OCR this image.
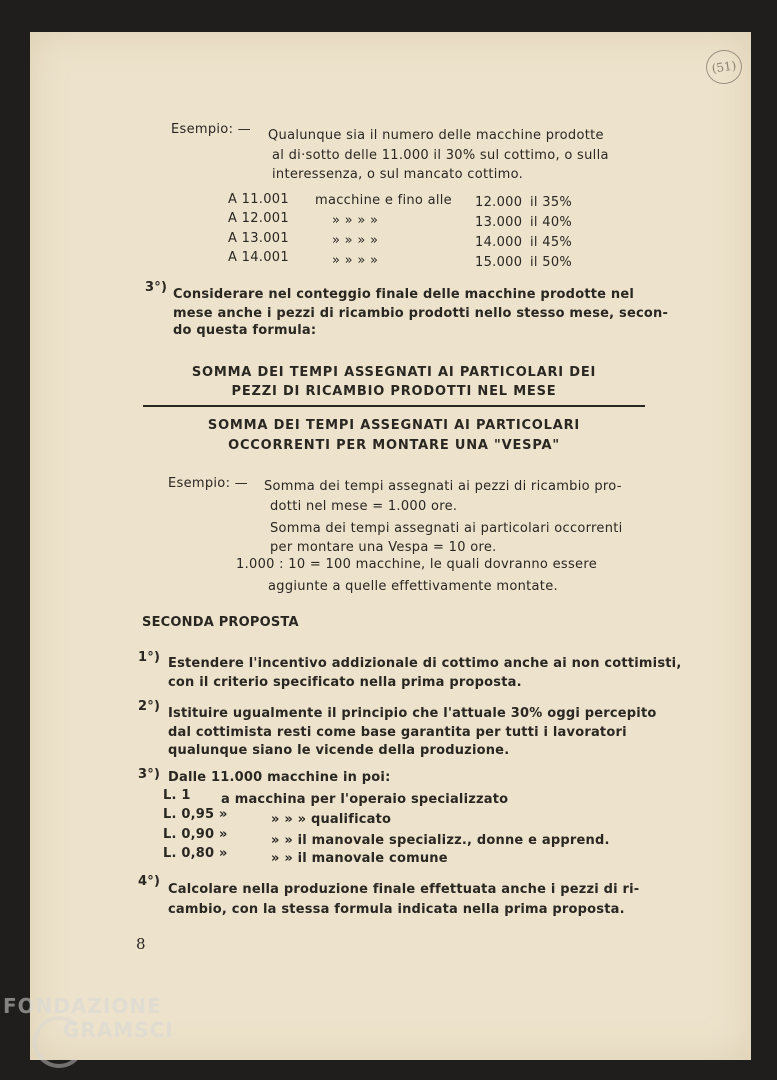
(51)
Esempio: — Qualunque sia il numero delle macchine prodotte
al di·sotto delle 11.000 il 30% sul cottimo, o sulla
interessenza, o sul mancato cottimo.
A 11.001 macchine e fino alle 12.000 il 35%
A 12.001	» » » »	13.000 il 40%
A 13.001	» » » »	14.000 il 45%
A 14.001	» » » »	15.000 il 50%
3°) Considerare nel conteggio finale delle macchine prodotte nel
mese anche i pezzi di ricambio prodotti nello stesso mese, secon-
do questa formula:
SOMMA DEI TEMPI ASSEGNATI AI PARTICOLARI DEI
PEZZI DI RICAMBIO PRODOTTI NEL MESE
SOMMA DEI TEMPI ASSEGNATI AI PARTICOLARI
OCCORRENTI PER MONTARE UNA "VESPA"
Esempio: — Somma dei tempi assegnati ai pezzi di ricambio pro-
dotti nel mese = 1.000 ore.
Somma dei tempi assegnati ai particolari occorrenti
per montare una Vespa = 10 ore.
1.000 : 10 = 100 macchine, le quali dovranno essere
aggiunte a quelle effettivamente montate.
SECONDA PROPOSTA
1°) Estendere l'incentivo addizionale di cottimo anche ai non cottimisti,
con il criterio specificato nella prima proposta.
2°) Istituire ugualmente il principio che l'attuale 30% oggi percepito
dal cottimista resti come base garantita per tutti i lavoratori
qualunque siano le vicende della produzione.
3°) Dalle 11.000 macchine in poi:
L. 1 a macchina per l'operaio specializzato
L. 0,95 »	» » » qualificato
L. 0,90 »	» » il manovale specializz., donne e apprend.
L. 0,80 »	» » il manovale comune
4°)
Calcolare nella produzione finale effettuata anche i pezzi di ri-
cambio, con la stessa formula indicata nella prima proposta.
8
FONDAZIONE
GRAMSCI
